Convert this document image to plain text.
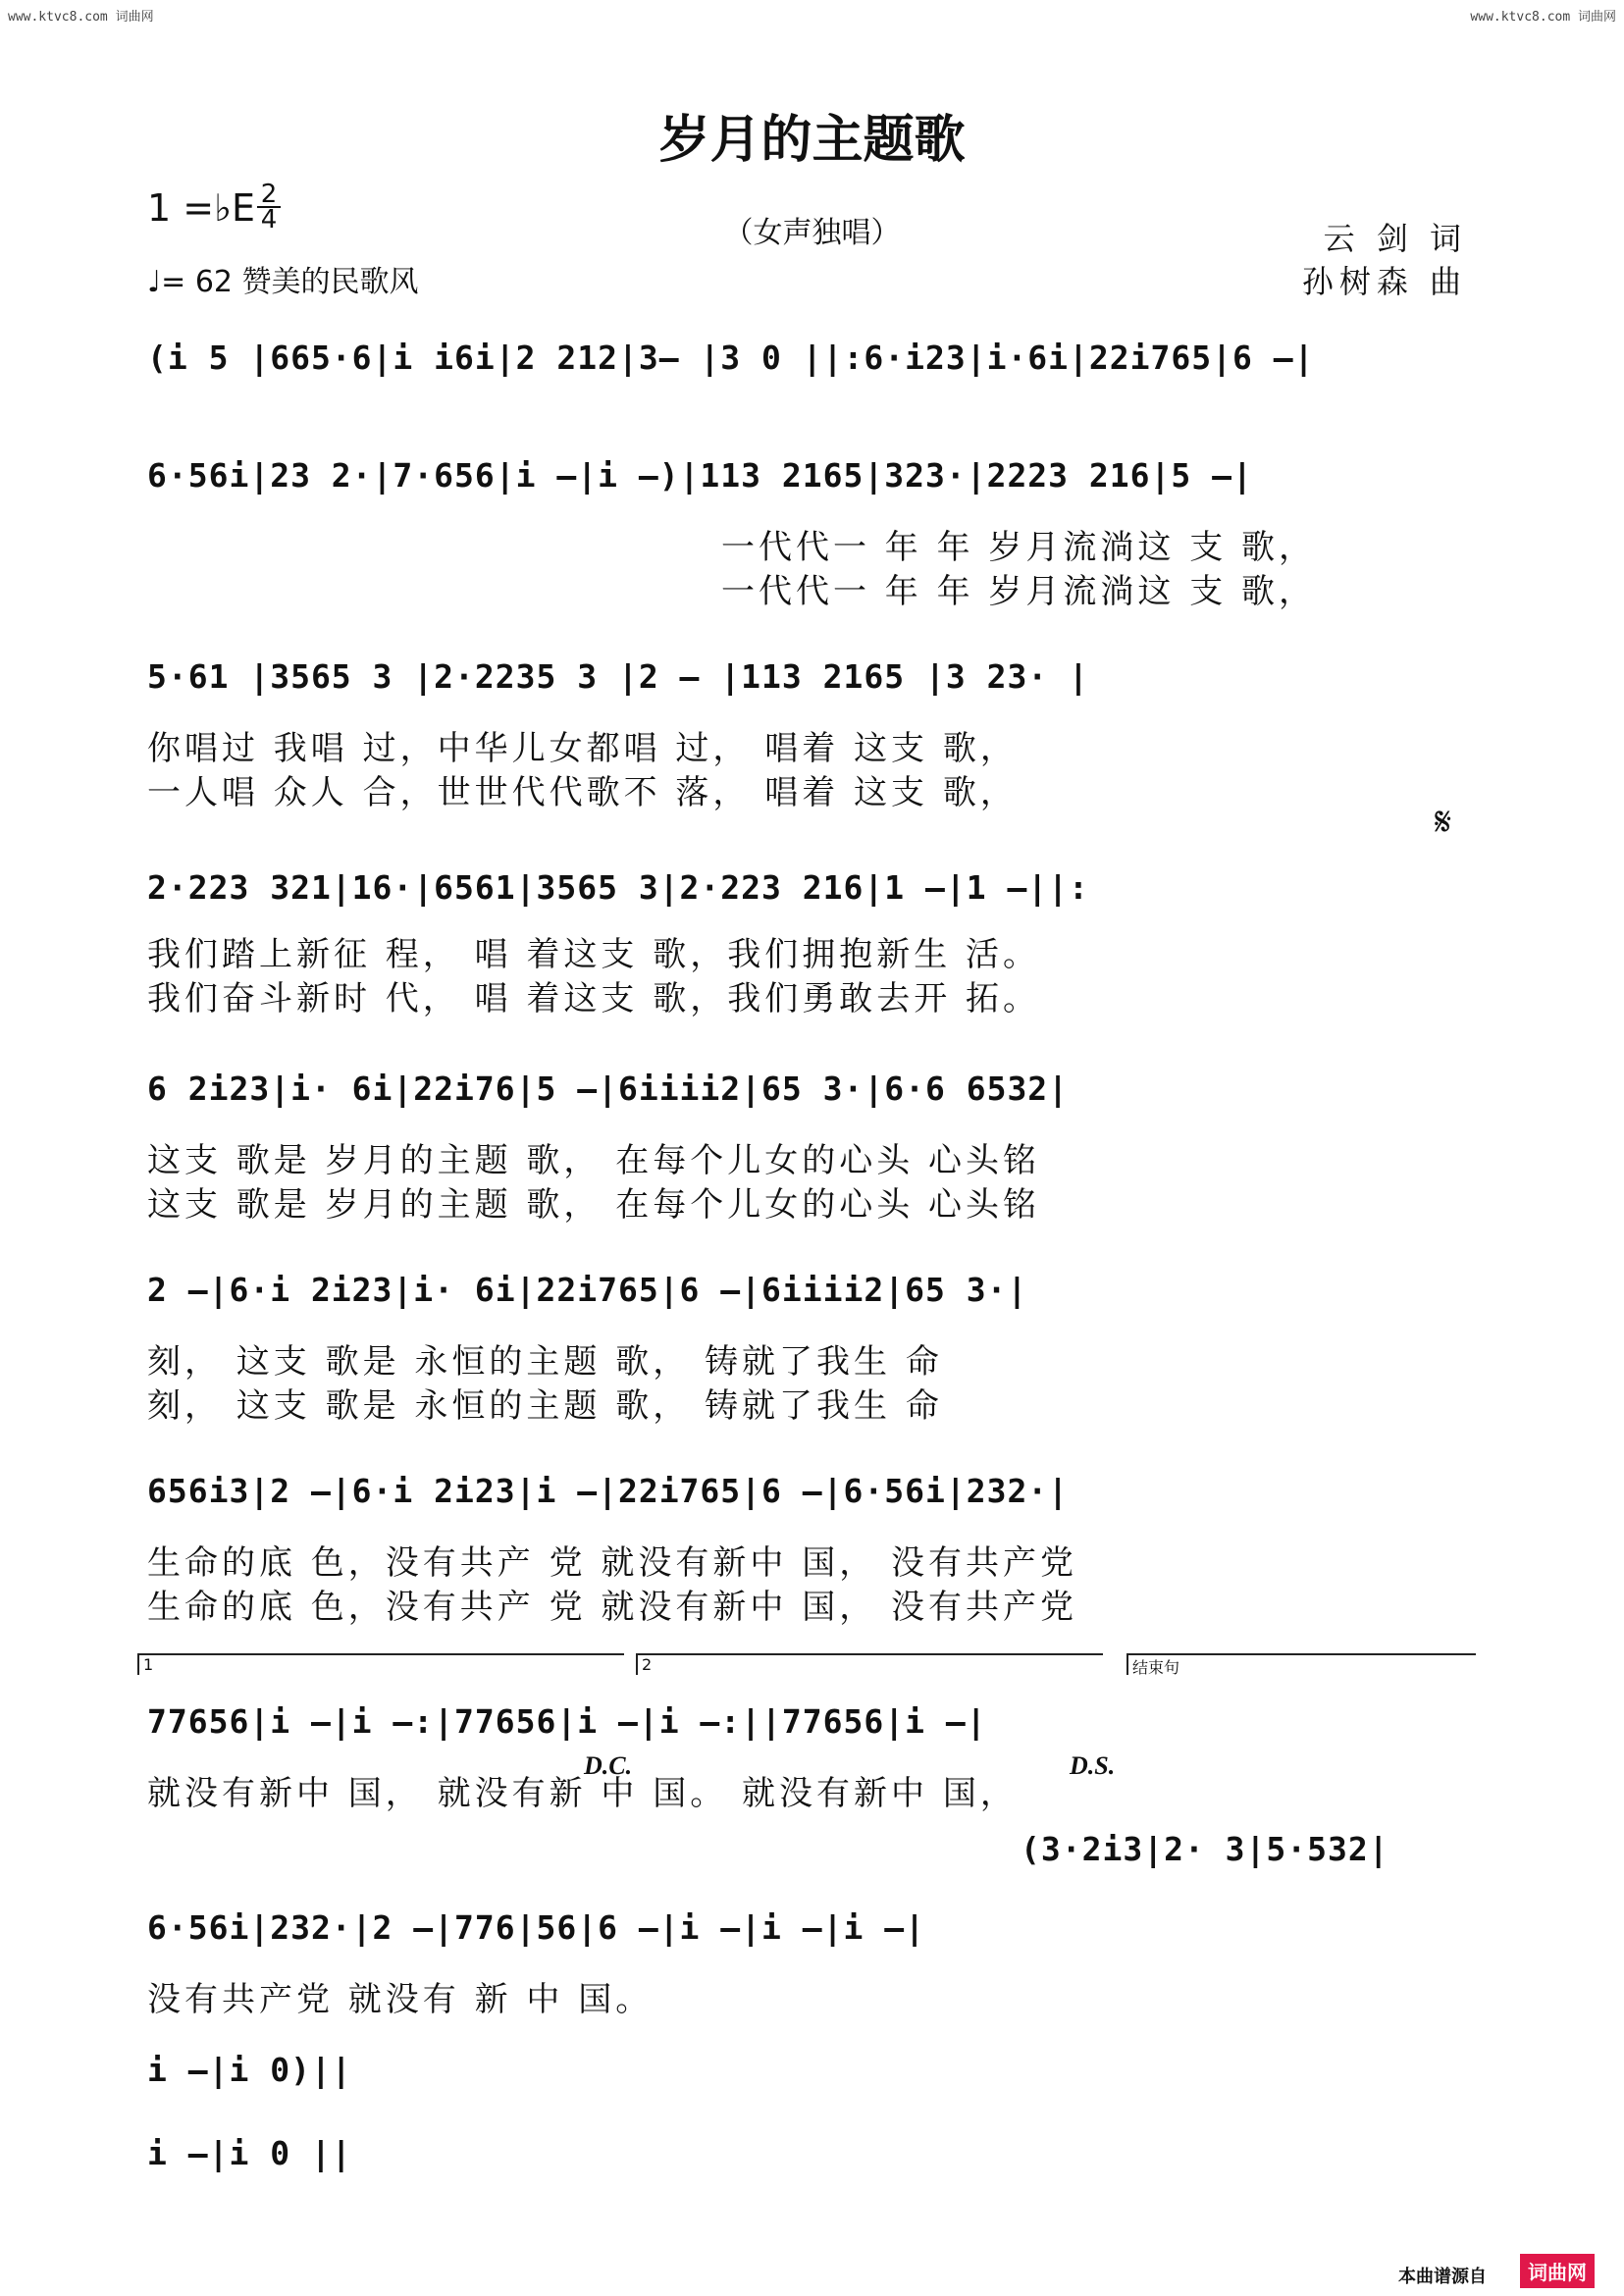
www.ktvc8.com 词曲网	www.ktvc8.com 词曲网
岁月的主题歌
（女声独唱）
1 =♭E 2
4
♩= 62 赞美的民歌风
云 剑 词
孙树森 曲
(i 5 |665·6|i i6i|2 212|3– |3 0 ||:6·i23|i·6i|22i765|6 –|
6·56i|23 2·|7·656|i –|i –)|113 2165|323·|2223 216|5 –|
一代代一 年 年 岁月流淌这 支 歌，
一代代一 年 年 岁月流淌这 支 歌，
5·61 |3565 3 |2·2235 3 |2 – |113 2165 |3 23· |
你唱过 我唱 过，中华儿女都唱 过， 唱着 这支 歌，
一人唱 众人 合，世世代代歌不 落， 唱着 这支 歌，
𝄋
2·223 321|16·|6561|3565 3|2·223 216|1 –|1 –||:
我们踏上新征 程， 唱 着这支 歌，我们拥抱新生 活。
我们奋斗新时 代， 唱 着这支 歌，我们勇敢去开 拓。
6 2i23|i· 6i|22i76|5 –|6iiii2|65 3·|6·6 6532|
这支 歌是 岁月的主题 歌， 在每个儿女的心头 心头铭
这支 歌是 岁月的主题 歌， 在每个儿女的心头 心头铭
2 –|6·i 2i23|i· 6i|22i765|6 –|6iiii2|65 3·|
刻， 这支 歌是 永恒的主题 歌， 铸就了我生 命
刻， 这支 歌是 永恒的主题 歌， 铸就了我生 命
656i3|2 –|6·i 2i23|i –|22i765|6 –|6·56i|232·|
生命的底 色，没有共产 党 就没有新中 国， 没有共产党
生命的底 色，没有共产 党 就没有新中 国， 没有共产党
1	2	结束句
77656|i –|i –:|77656|i –|i –:||77656|i –|
D.C.	D.S.
就没有新中 国， 就没有新 中 国。 就没有新中 国，
(3·2i3|2· 3|5·532|
6·56i|232·|2 –|776|56|6 –|i –|i –|i –|
没有共产党 就没有 新 中 国。
i –|i 0)||
i –|i 0 ||
本曲谱源自	词曲网
